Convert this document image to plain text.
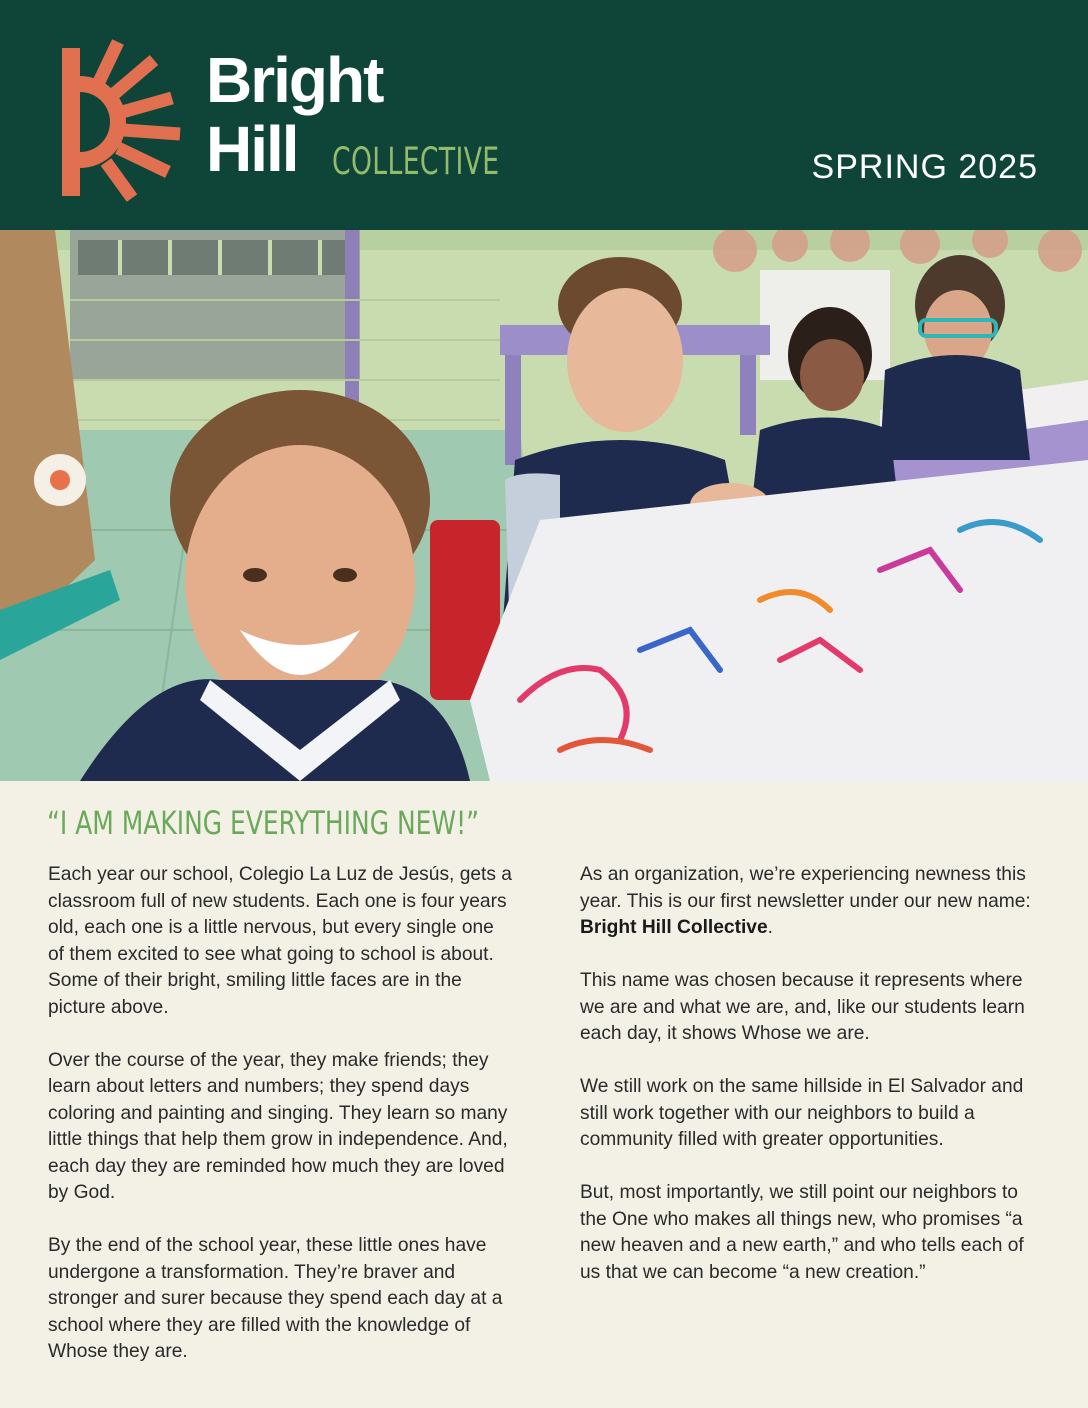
Bright
Hill COLLECTIVE	SPRING 2025
“I AM MAKING EVERYTHING NEW!”

Each year our school, Colegio La Luz de Jesús, gets a classroom full of new students. Each one is four years old, each one is a little nervous, but every single one of them excited to see what going to school is about. Some of their bright, smiling little faces are in the picture above.

Over the course of the year, they make friends; they learn about letters and numbers; they spend days coloring and painting and singing. They learn so many little things that help them grow in independence. And, each day they are reminded how much they are loved by God.

By the end of the school year, these little ones have undergone a transformation. They’re braver and stronger and surer because they spend each day at a school where they are filled with the knowledge of Whose they are.

As an organization, we’re experiencing newness this year. This is our first newsletter under our new name: Bright Hill Collective.

This name was chosen because it represents where we are and what we are, and, like our students learn each day, it shows Whose we are.

We still work on the same hillside in El Salvador and still work together with our neighbors to build a community filled with greater opportunities.

But, most importantly, we still point our neighbors to the One who makes all things new, who promises “a new heaven and a new earth,” and who tells each of us that we can become “a new creation.”
